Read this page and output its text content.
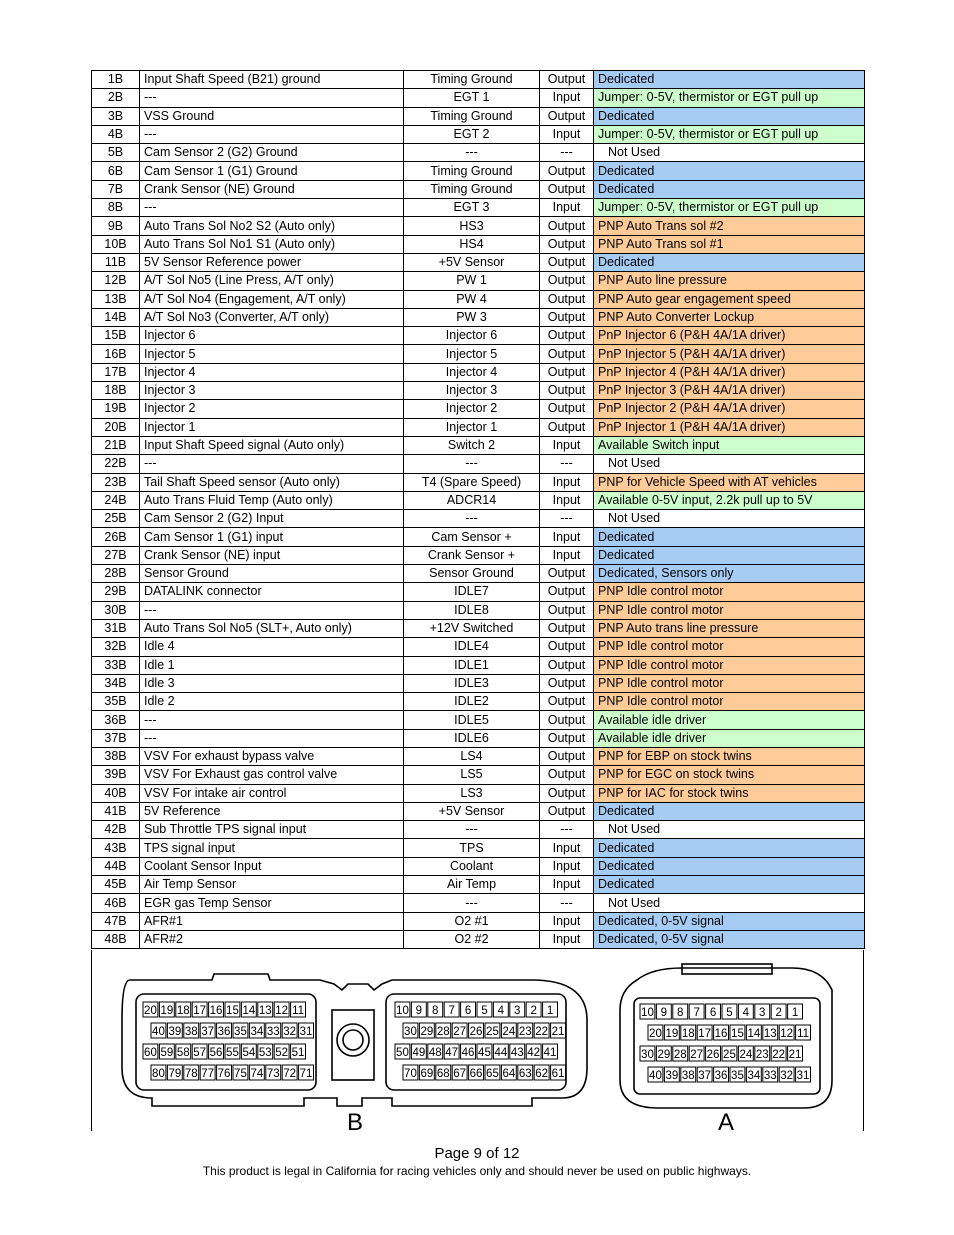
1B	Input Shaft Speed (B21) ground	Timing Ground	Output	Dedicated
2B	---	EGT 1	Input	Jumper: 0-5V, thermistor or EGT pull up
3B	VSS Ground	Timing Ground	Output	Dedicated
4B	---	EGT 2	Input	Jumper: 0-5V, thermistor or EGT pull up
5B	Cam Sensor 2 (G2) Ground	---	---	Not Used
6B	Cam Sensor 1 (G1) Ground	Timing Ground	Output	Dedicated
7B	Crank Sensor (NE) Ground	Timing Ground	Output	Dedicated
8B	---	EGT 3	Input	Jumper: 0-5V, thermistor or EGT pull up
9B	Auto Trans Sol No2 S2 (Auto only)	HS3	Output	PNP Auto Trans sol #2
10B	Auto Trans Sol No1 S1 (Auto only)	HS4	Output	PNP Auto Trans sol #1
11B	5V Sensor Reference power	+5V Sensor	Output	Dedicated
12B	A/T Sol No5 (Line Press, A/T only)	PW 1	Output	PNP Auto line pressure
13B	A/T Sol No4 (Engagement, A/T only)	PW 4	Output	PNP Auto gear engagement speed
14B	A/T Sol No3 (Converter, A/T only)	PW 3	Output	PNP Auto Converter Lockup
15B	Injector 6	Injector 6	Output	PnP Injector 6 (P&H 4A/1A driver)
16B	Injector 5	Injector 5	Output	PnP Injector 5 (P&H 4A/1A driver)
17B	Injector 4	Injector 4	Output	PnP Injector 4 (P&H 4A/1A driver)
18B	Injector 3	Injector 3	Output	PnP Injector 3 (P&H 4A/1A driver)
19B	Injector 2	Injector 2	Output	PnP Injector 2 (P&H 4A/1A driver)
20B	Injector 1	Injector 1	Output	PnP Injector 1 (P&H 4A/1A driver)
21B	Input Shaft Speed signal (Auto only)	Switch 2	Input	Available Switch input
22B	---	---	---	Not Used
23B	Tail Shaft Speed sensor (Auto only)	T4 (Spare Speed)	Input	PNP for Vehicle Speed with AT vehicles
24B	Auto Trans Fluid Temp (Auto only)	ADCR14	Input	Available 0-5V input, 2.2k pull up to 5V
25B	Cam Sensor 2 (G2) Input	---	---	Not Used
26B	Cam Sensor 1 (G1) input	Cam Sensor +	Input	Dedicated
27B	Crank Sensor (NE) input	Crank Sensor +	Input	Dedicated
28B	Sensor Ground	Sensor Ground	Output	Dedicated, Sensors only
29B	DATALINK connector	IDLE7	Output	PNP Idle control motor
30B	---	IDLE8	Output	PNP Idle control motor
31B	Auto Trans Sol No5 (SLT+, Auto only)	+12V Switched	Output	PNP Auto trans line pressure
32B	Idle 4	IDLE4	Output	PNP Idle control motor
33B	Idle 1	IDLE1	Output	PNP Idle control motor
34B	Idle 3	IDLE3	Output	PNP Idle control motor
35B	Idle 2	IDLE2	Output	PNP Idle control motor
36B	---	IDLE5	Output	Available idle driver
37B	---	IDLE6	Output	Available idle driver
38B	VSV For exhaust bypass valve	LS4	Output	PNP for EBP on stock twins
39B	VSV For Exhaust gas control valve	LS5	Output	PNP for EGC on stock twins
40B	VSV For intake air control	LS3	Output	PNP for IAC for stock twins
41B	5V Reference	+5V Sensor	Output	Dedicated
42B	Sub Throttle TPS signal input	---	---	Not Used
43B	TPS signal input	TPS	Input	Dedicated
44B	Coolant Sensor Input	Coolant	Input	Dedicated
45B	Air Temp Sensor	Air Temp	Input	Dedicated
46B	EGR gas Temp Sensor	---	---	Not Used
47B	AFR#1	O2 #1	Input	Dedicated, 0-5V signal
48B	AFR#2	O2 #2	Input	Dedicated, 0-5V signal
20 19 18 17 16 15 14 13 12 11
40 39 38 37 36 35 34 33 32 31
60 59 58 57 56 55 54 53 52 51
80 79 78 77 76 75 74 73 72 71
10 9 8 7 6 5 4 3 2 1
30 29 28 27 26 25 24 23 22 21
50 49 48 47 46 45 44 43 42 41
70 69 68 67 66 65 64 63 62 61
10 9 8 7 6 5 4 3 2 1
20 19 18 17 16 15 14 13 12 11
30 29 28 27 26 25 24 23 22 21
40 39 38 37 36 35 34 33 32 31
B	A
Page 9 of 12
This product is legal in California for racing vehicles only and should never be used on public highways.
